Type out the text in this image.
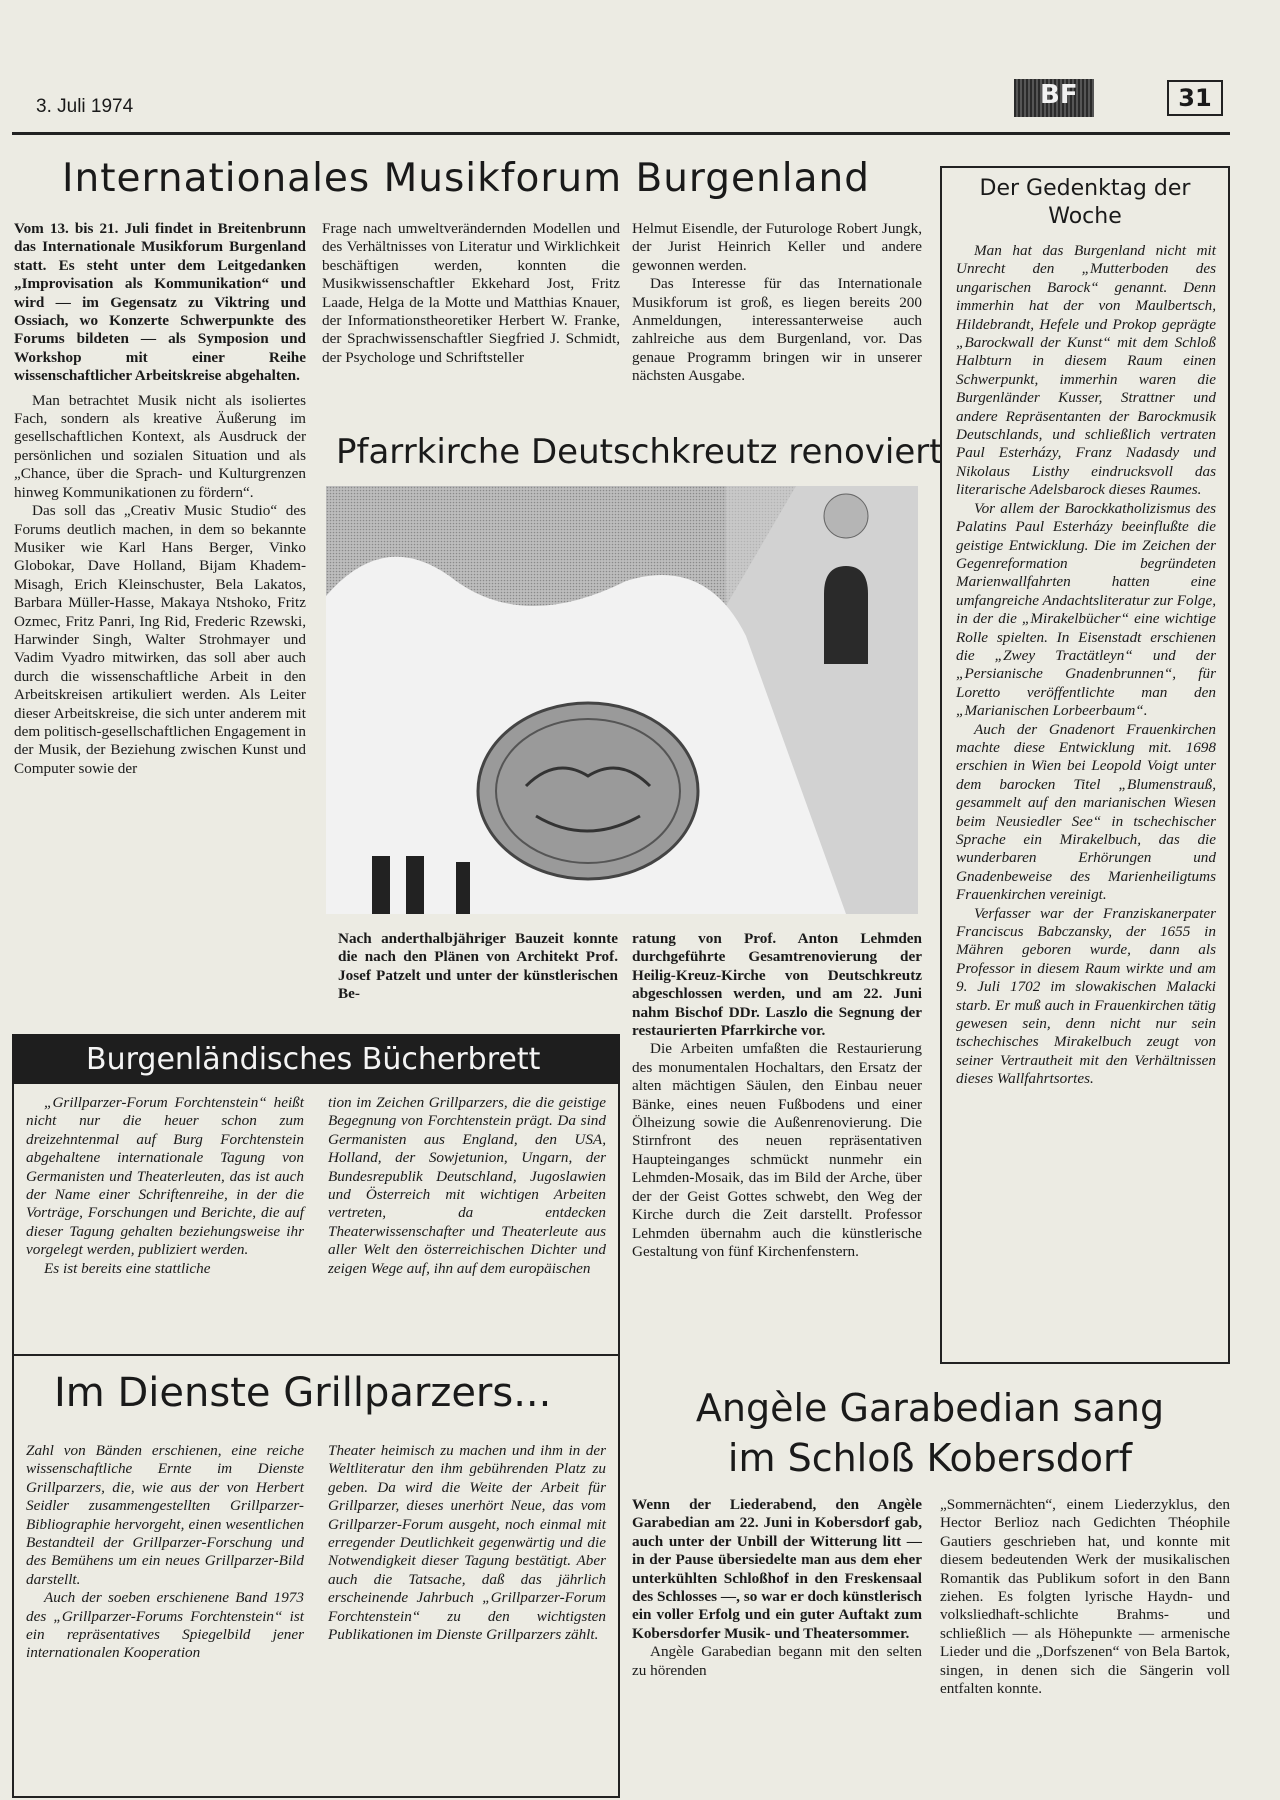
3. Juli 1974	BF	31
Internationales Musikforum Burgenland

Vom 13. bis 21. Juli findet in Breitenbrunn das Internationale Musikforum Burgenland statt. Es steht unter dem Leitgedanken „Improvisation als Kommunikation“ und wird — im Gegensatz zu Viktring und Ossiach, wo Konzerte Schwerpunkte des Forums bildeten — als Symposion und Workshop mit einer Reihe wissenschaftlicher Arbeitskreise abgehalten.

Man betrachtet Musik nicht als isoliertes Fach, sondern als kreative Äußerung im gesellschaftlichen Kontext, als Ausdruck der persönlichen und sozialen Situation und als „Chance, über die Sprach- und Kulturgrenzen hinweg Kommunikationen zu fördern“.

Das soll das „Creativ Music Studio“ des Forums deutlich machen, in dem so bekannte Musiker wie Karl Hans Berger, Vinko Globokar, Dave Holland, Bijam Khadem-Misagh, Erich Kleinschuster, Bela Lakatos, Barbara Müller-Hasse, Makaya Ntshoko, Fritz Ozmec, Fritz Panri, Ing Rid, Frederic Rzewski, Harwinder Singh, Walter Strohmayer und Vadim Vyadro mitwirken, das soll aber auch durch die wissenschaftliche Arbeit in den Arbeitskreisen artikuliert werden. Als Leiter dieser Arbeitskreise, die sich unter anderem mit dem politisch-gesellschaftlichen Engagement in der Musik, der Beziehung zwischen Kunst und Computer sowie der

Frage nach umweltverändernden Modellen und des Verhältnisses von Literatur und Wirklichkeit beschäftigen werden, konnten die Musikwissenschaftler Ekkehard Jost, Fritz Laade, Helga de la Motte und Matthias Knauer, der Informationstheoretiker Herbert W. Franke, der Sprachwissenschaftler Siegfried J. Schmidt, der Psychologe und Schriftsteller

Helmut Eisendle, der Futurologe Robert Jungk, der Jurist Heinrich Keller und andere gewonnen werden.

Das Interesse für das Internationale Musikforum ist groß, es liegen bereits 200 Anmeldungen, interessanterweise auch zahlreiche aus dem Burgenland, vor. Das genaue Programm bringen wir in unserer nächsten Ausgabe.

Pfarrkirche Deutschkreutz renoviert
Nach anderthalbjähriger Bauzeit konnte die nach den Plänen von Architekt Prof. Josef Patzelt und unter der künstlerischen Be-

ratung von Prof. Anton Lehmden durchgeführte Gesamtrenovierung der Heilig-Kreuz-Kirche von Deutschkreutz abgeschlossen werden, und am 22. Juni nahm Bischof DDr. Laszlo die Segnung der restaurierten Pfarrkirche vor.

Die Arbeiten umfaßten die Restaurierung des monumentalen Hochaltars, den Ersatz der alten mächtigen Säulen, den Einbau neuer Bänke, eines neuen Fußbodens und einer Ölheizung sowie die Außenrenovierung. Die Stirnfront des neuen repräsentativen Haupteinganges schmückt nunmehr ein Lehmden-Mosaik, das im Bild der Arche, über der der Geist Gottes schwebt, den Weg der Kirche durch die Zeit darstellt. Professor Lehmden übernahm auch die künstlerische Gestaltung von fünf Kirchenfenstern.

Der Gedenktag der
Woche

Man hat das Burgenland nicht mit Unrecht den „Mutterboden des ungarischen Barock“ genannt. Denn immerhin hat der von Maulbertsch, Hildebrandt, Hefele und Prokop geprägte „Barockwall der Kunst“ mit dem Schloß Halbturn in diesem Raum einen Schwerpunkt, immerhin waren die Burgenländer Kusser, Strattner und andere Repräsentanten der Barockmusik Deutschlands, und schließlich vertraten Paul Esterházy, Franz Nadasdy und Nikolaus Listhy eindrucksvoll das literarische Adelsbarock dieses Raumes.

Vor allem der Barockkatholizismus des Palatins Paul Esterházy beeinflußte die geistige Entwicklung. Die im Zeichen der Gegenreformation begründeten Marienwallfahrten hatten eine umfangreiche Andachtsliteratur zur Folge, in der die „Mirakelbücher“ eine wichtige Rolle spielten. In Eisenstadt erschienen die „Zwey Tractätleyn“ und der „Persianische Gnadenbrunnen“, für Loretto veröffentlichte man den „Marianischen Lorbeerbaum“.

Auch der Gnadenort Frauenkirchen machte diese Entwicklung mit. 1698 erschien in Wien bei Leopold Voigt unter dem barocken Titel „Blumenstrauß, gesammelt auf den marianischen Wiesen beim Neusiedler See“ in tschechischer Sprache ein Mirakelbuch, das die wunderbaren Erhörungen und Gnadenbeweise des Marienheiligtums Frauenkirchen vereinigt.

Verfasser war der Franziskanerpater Franciscus Babczansky, der 1655 in Mähren geboren wurde, dann als Professor in diesem Raum wirkte und am 9. Juli 1702 im slowakischen Malacki starb. Er muß auch in Frauenkirchen tätig gewesen sein, denn nicht nur sein tschechisches Mirakelbuch zeugt von seiner Vertrautheit mit den Verhältnissen dieses Wallfahrtsortes.

Burgenländisches Bücherbrett

„Grillparzer-Forum Forchtenstein“ heißt nicht nur die heuer schon zum dreizehntenmal auf Burg Forchtenstein abgehaltene internationale Tagung von Germanisten und Theaterleuten, das ist auch der Name einer Schriftenreihe, in der die Vorträge, Forschungen und Berichte, die auf dieser Tagung gehalten beziehungsweise ihr vorgelegt werden, publiziert werden.

Es ist bereits eine stattliche

tion im Zeichen Grillparzers, die die geistige Begegnung von Forchtenstein prägt. Da sind Germanisten aus England, den USA, Holland, der Sowjetunion, Ungarn, der Bundesrepublik Deutschland, Jugoslawien und Österreich mit wichtigen Arbeiten vertreten, da entdecken Theaterwissenschafter und Theaterleute aus aller Welt den österreichischen Dichter und zeigen Wege auf, ihn auf dem europäischen

Im Dienste Grillparzers...

Zahl von Bänden erschienen, eine reiche wissenschaftliche Ernte im Dienste Grillparzers, die, wie aus der von Herbert Seidler zusammengestellten Grillparzer-Bibliographie hervorgeht, einen wesentlichen Bestandteil der Grillparzer-Forschung und des Bemühens um ein neues Grillparzer-Bild darstellt.

Auch der soeben erschienene Band 1973 des „Grillparzer-Forums Forchtenstein“ ist ein repräsentatives Spiegelbild jener internationalen Kooperation

Theater heimisch zu machen und ihm in der Weltliteratur den ihm gebührenden Platz zu geben. Da wird die Weite der Arbeit für Grillparzer, dieses unerhört Neue, das vom Grillparzer-Forum ausgeht, noch einmal mit erregender Deutlichkeit gegenwärtig und die Notwendigkeit dieser Tagung bestätigt. Aber auch die Tatsache, daß das jährlich erscheinende Jahrbuch „Grillparzer-Forum Forchtenstein“ zu den wichtigsten Publikationen im Dienste Grillparzers zählt.

Angèle Garabedian sang
im Schloß Kobersdorf

Wenn der Liederabend, den Angèle Garabedian am 22. Juni in Kobersdorf gab, auch unter der Unbill der Witterung litt — in der Pause übersiedelte man aus dem eher unterkühlten Schloßhof in den Freskensaal des Schlosses —, so war er doch künstlerisch ein voller Erfolg und ein guter Auftakt zum Kobersdorfer Musik- und Theatersommer.

Angèle Garabedian begann mit den selten zu hörenden

„Sommernächten“, einem Liederzyklus, den Hector Berlioz nach Gedichten Théophile Gautiers geschrieben hat, und konnte mit diesem bedeutenden Werk der musikalischen Romantik das Publikum sofort in den Bann ziehen. Es folgten lyrische Haydn- und volksliedhaft-schlichte Brahms- und schließlich — als Höhepunkte — armenische Lieder und die „Dorfszenen“ von Bela Bartok, singen, in denen sich die Sängerin voll entfalten konnte.
